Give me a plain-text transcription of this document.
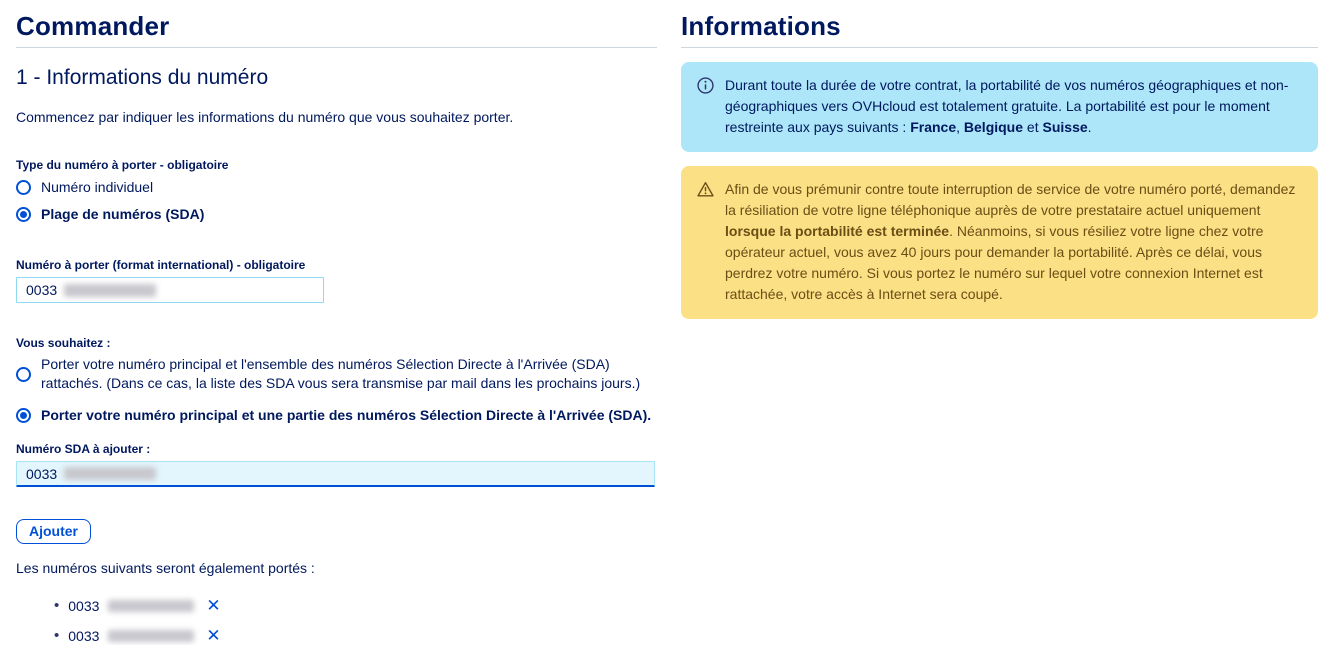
Commander
1 - Informations du numéro

Commencez par indiquer les informations du numéro que vous souhaitez porter.

Type du numéro à porter - obligatoire
Numéro individuel
Plage de numéros (SDA)
Numéro à porter (format international) - obligatoire
0033
Vous souhaitez :
Porter votre numéro principal et l'ensemble des numéros Sélection Directe à l'Arrivée (SDA) rattachés. (Dans ce cas, la liste des SDA vous sera transmise par mail dans les prochains jours.)
Porter votre numéro principal et une partie des numéros Sélection Directe à l'Arrivée (SDA).
Numéro SDA à ajouter :
0033
Ajouter

Les numéros suivants seront également portés :

• 0033	✕
• 0033	✕
Informations
Durant toute la durée de votre contrat, la portabilité de vos numéros géographiques et non-géographiques vers OVHcloud est totalement gratuite. La portabilité est pour le moment restreinte aux pays suivants : France, Belgique et Suisse.
Afin de vous prémunir contre toute interruption de service de votre numéro porté, demandez la résiliation de votre ligne téléphonique auprès de votre prestataire actuel uniquement lorsque la portabilité est terminée. Néanmoins, si vous résiliez votre ligne chez votre opérateur actuel, vous avez 40 jours pour demander la portabilité. Après ce délai, vous perdrez votre numéro. Si vous portez le numéro sur lequel votre connexion Internet est rattachée, votre accès à Internet sera coupé.
